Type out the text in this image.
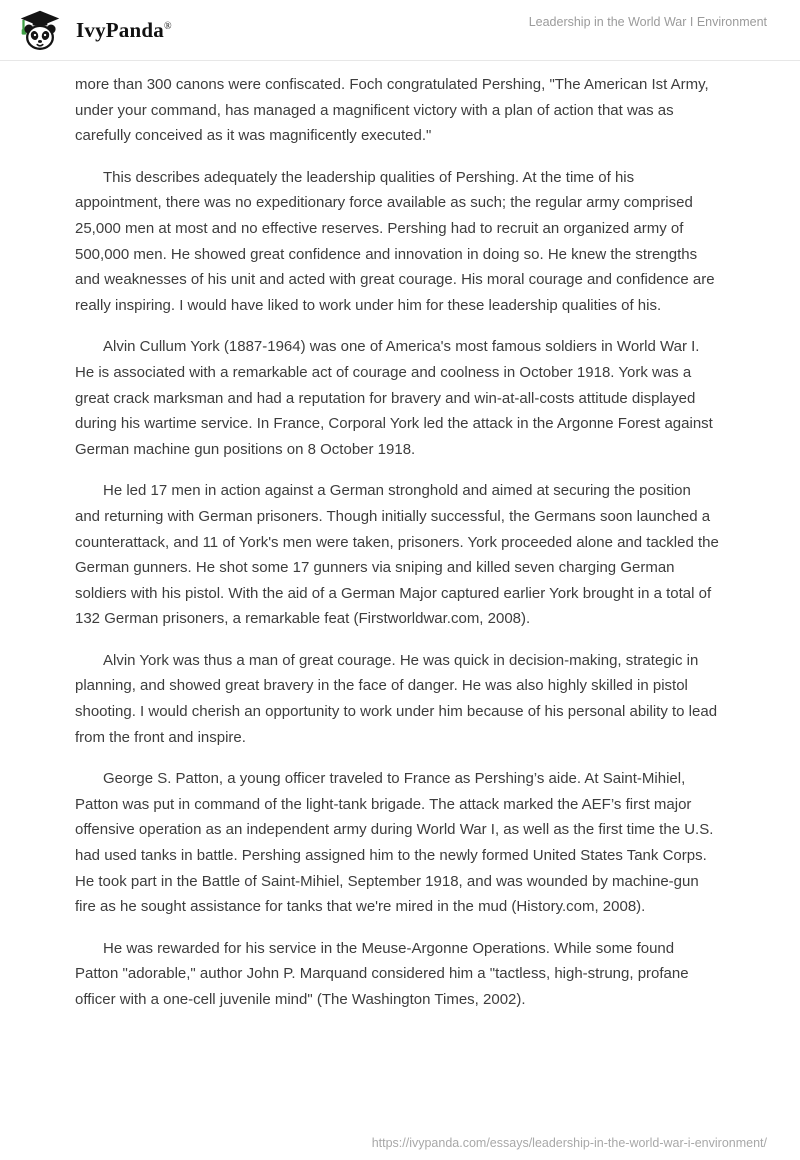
IvyPanda®	Leadership in the World War I Environment

more than 300 canons were confiscated. Foch congratulated Pershing, "The American Ist Army, under your command, has managed a magnificent victory with a plan of action that was as carefully conceived as it was magnificently executed."

This describes adequately the leadership qualities of Pershing. At the time of his appointment, there was no expeditionary force available as such; the regular army comprised 25,000 men at most and no effective reserves. Pershing had to recruit an organized army of 500,000 men. He showed great confidence and innovation in doing so. He knew the strengths and weaknesses of his unit and acted with great courage. His moral courage and confidence are really inspiring. I would have liked to work under him for these leadership qualities of his.

Alvin Cullum York (1887-1964) was one of America's most famous soldiers in World War I. He is associated with a remarkable act of courage and coolness in October 1918. York was a great crack marksman and had a reputation for bravery and win-at-all-costs attitude displayed during his wartime service. In France, Corporal York led the attack in the Argonne Forest against German machine gun positions on 8 October 1918.

He led 17 men in action against a German stronghold and aimed at securing the position and returning with German prisoners. Though initially successful, the Germans soon launched a counterattack, and 11 of York's men were taken, prisoners. York proceeded alone and tackled the German gunners. He shot some 17 gunners via sniping and killed seven charging German soldiers with his pistol. With the aid of a German Major captured earlier York brought in a total of 132 German prisoners, a remarkable feat (Firstworldwar.com, 2008).

Alvin York was thus a man of great courage. He was quick in decision-making, strategic in planning, and showed great bravery in the face of danger. He was also highly skilled in pistol shooting. I would cherish an opportunity to work under him because of his personal ability to lead from the front and inspire.

George S. Patton, a young officer traveled to France as Pershing’s aide. At Saint-Mihiel, Patton was put in command of the light-tank brigade. The attack marked the AEF’s first major offensive operation as an independent army during World War I, as well as the first time the U.S. had used tanks in battle. Pershing assigned him to the newly formed United States Tank Corps. He took part in the Battle of Saint-Mihiel, September 1918, and was wounded by machine-gun fire as he sought assistance for tanks that we're mired in the mud (History.com, 2008).

He was rewarded for his service in the Meuse-Argonne Operations. While some found Patton "adorable," author John P. Marquand considered him a "tactless, high-strung, profane officer with a one-cell juvenile mind" (The Washington Times, 2002).

https://ivypanda.com/essays/leadership-in-the-world-war-i-environment/
